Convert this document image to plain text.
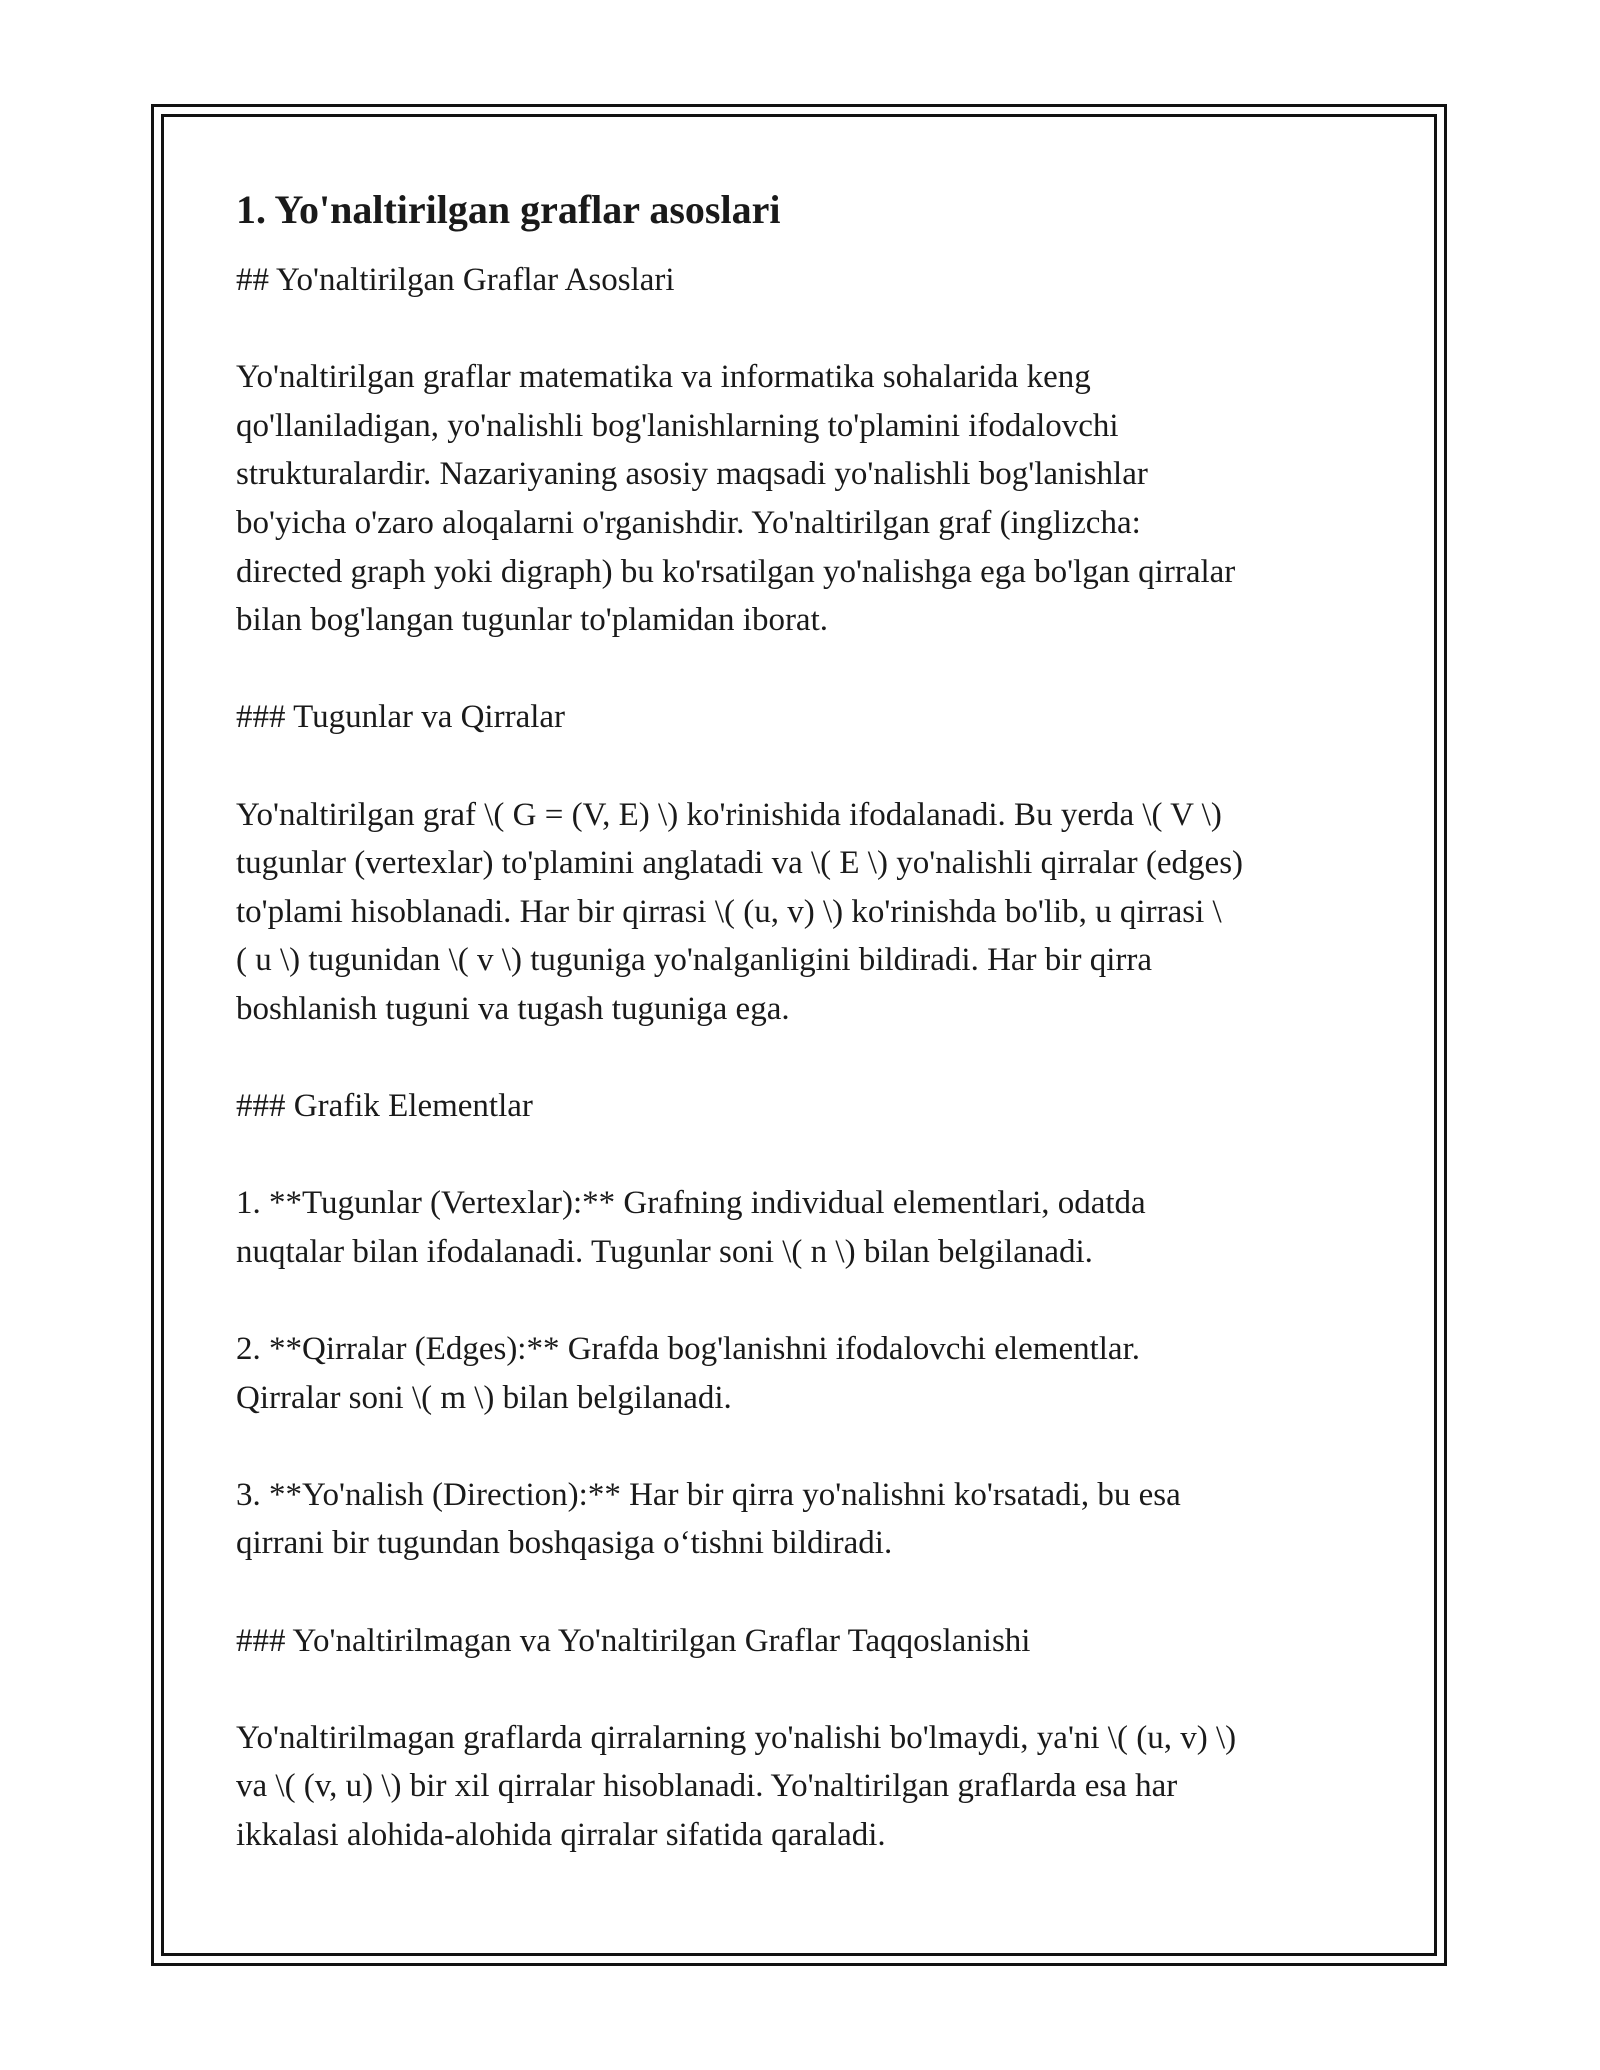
1. Yo'naltirilgan graflar asoslari

## Yo'naltirilgan Graflar Asoslari

Yo'naltirilgan graflar matematika va informatika sohalarida keng

qo'llaniladigan, yo'nalishli bog'lanishlarning to'plamini ifodalovchi

strukturalardir. Nazariyaning asosiy maqsadi yo'nalishli bog'lanishlar

bo'yicha o'zaro aloqalarni o'rganishdir. Yo'naltirilgan graf (inglizcha:

directed graph yoki digraph) bu ko'rsatilgan yo'nalishga ega bo'lgan qirralar

bilan bog'langan tugunlar to'plamidan iborat.

### Tugunlar va Qirralar

Yo'naltirilgan graf \( G = (V, E) \) ko'rinishida ifodalanadi. Bu yerda \( V \)

tugunlar (vertexlar) to'plamini anglatadi va \( E \) yo'nalishli qirralar (edges)

to'plami hisoblanadi. Har bir qirrasi \( (u, v) \) ko'rinishda bo'lib, u qirrasi \

( u \) tugunidan \( v \) tuguniga yo'nalganligini bildiradi. Har bir qirra

boshlanish tuguni va tugash tuguniga ega.

### Grafik Elementlar

1. **Tugunlar (Vertexlar):** Grafning individual elementlari, odatda

nuqtalar bilan ifodalanadi. Tugunlar soni \( n \) bilan belgilanadi.

2. **Qirralar (Edges):** Grafda bog'lanishni ifodalovchi elementlar.

Qirralar soni \( m \) bilan belgilanadi.

3. **Yo'nalish (Direction):** Har bir qirra yo'nalishni ko'rsatadi, bu esa

qirrani bir tugundan boshqasiga o‘tishni bildiradi.

### Yo'naltirilmagan va Yo'naltirilgan Graflar Taqqoslanishi

Yo'naltirilmagan graflarda qirralarning yo'nalishi bo'lmaydi, ya'ni \( (u, v) \)

va \( (v, u) \) bir xil qirralar hisoblanadi. Yo'naltirilgan graflarda esa har

ikkalasi alohida-alohida qirralar sifatida qaraladi.
